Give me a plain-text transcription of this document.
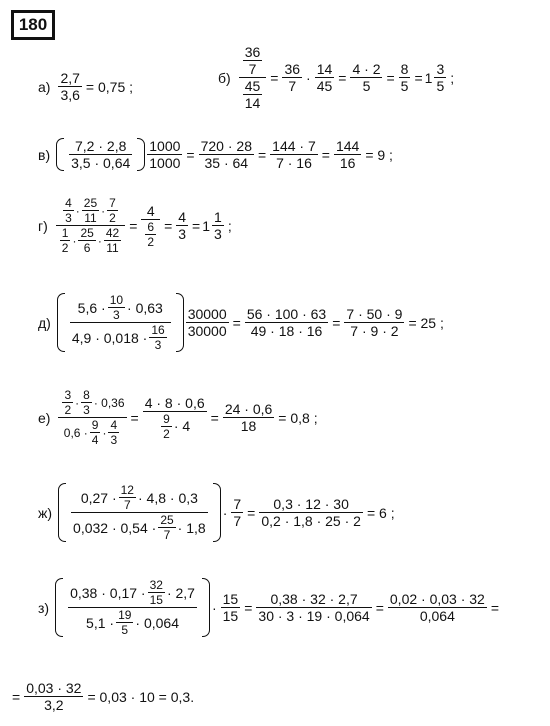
180
а)
2,7
3,6
= 0,75 ;
б)
36
7
45
14
=
36
7
·
14
45
=
4 · 2
5
=
8
5
= 1
3
5
;
в)
7,2 · 2,8
3,5 · 0,64
1000
1000
=
720 · 28
35 · 64
=
144 · 7
7 · 16
=
144
16
= 9 ;
г)
4
3
·
25
11
·
7
2
1
2
·
25
6
·
42
11
=
4
6
2
=
4
3
= 1
1
3
;
д)
5,6 · 10
3 · 0,63
4,9 · 0,018 · 16
3
30000
30000
=
56 · 100 · 63
49 · 18 · 16
=
7 · 50 · 9
7 · 9 · 2
= 25 ;
е)
3
2
·
8
3
· 0,36
0,6 ·
9
4
·
4
3
=
4 · 8 · 0,6
9
2 · 4
=
24 · 0,6
18
= 0,8 ;
ж)
0,27 · 12
7 · 4,8 · 0,3
0,032 · 0,54 · 25
7 · 1,8
·
7
7
=
0,3 · 12 · 30
0,2 · 1,8 · 25 · 2
= 6 ;
з)
0,38 · 0,17 · 32
15 · 2,7
5,1 · 19
5 · 0,064
·
15
15
=
0,38 · 32 · 2,7
30 · 3 · 19 · 0,064
=
0,02 · 0,03 · 32
0,064
=
=
0,03 · 32
3,2
= 0,03 · 10 = 0,3.
